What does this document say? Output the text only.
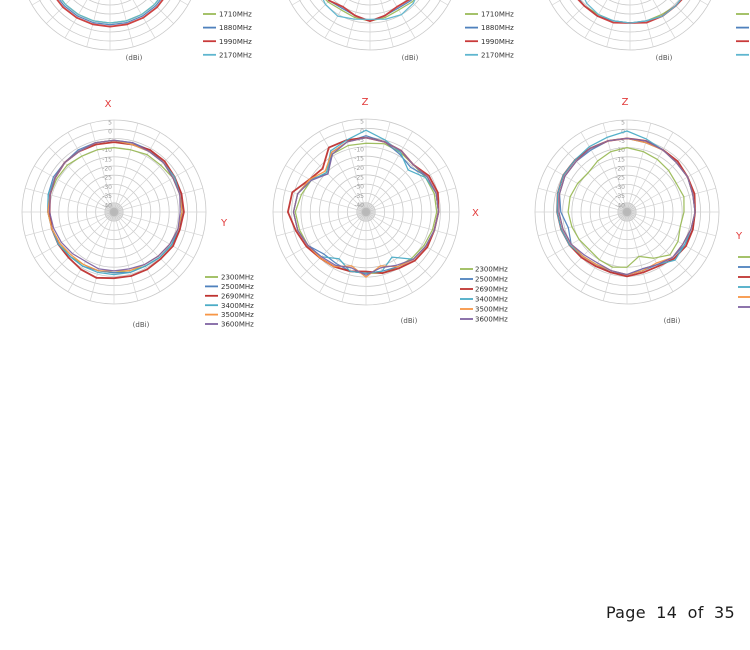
1710MHz
1880MHz
1990MHz
2170MHz
(dBi)
1710MHz
1880MHz
1990MHz
2170MHz
(dBi)	(dBi)
5
0
-5
-10
-15
-20
-25
-30
-35
-40
2300MHz
2500MHz
2690MHz
3400MHz
3500MHz
3600MHz
(dBi)
X
Y
5
0
-5
-10
-15
-20
-25
-30
-35
-40
2300MHz
2500MHz
2690MHz
3400MHz
3500MHz
3600MHz
(dBi)
Z
X
5
0
-5
-10
-15
-20
-25
-30
-35
-40
(dBi)
Z
Y
Page 14 of 35
